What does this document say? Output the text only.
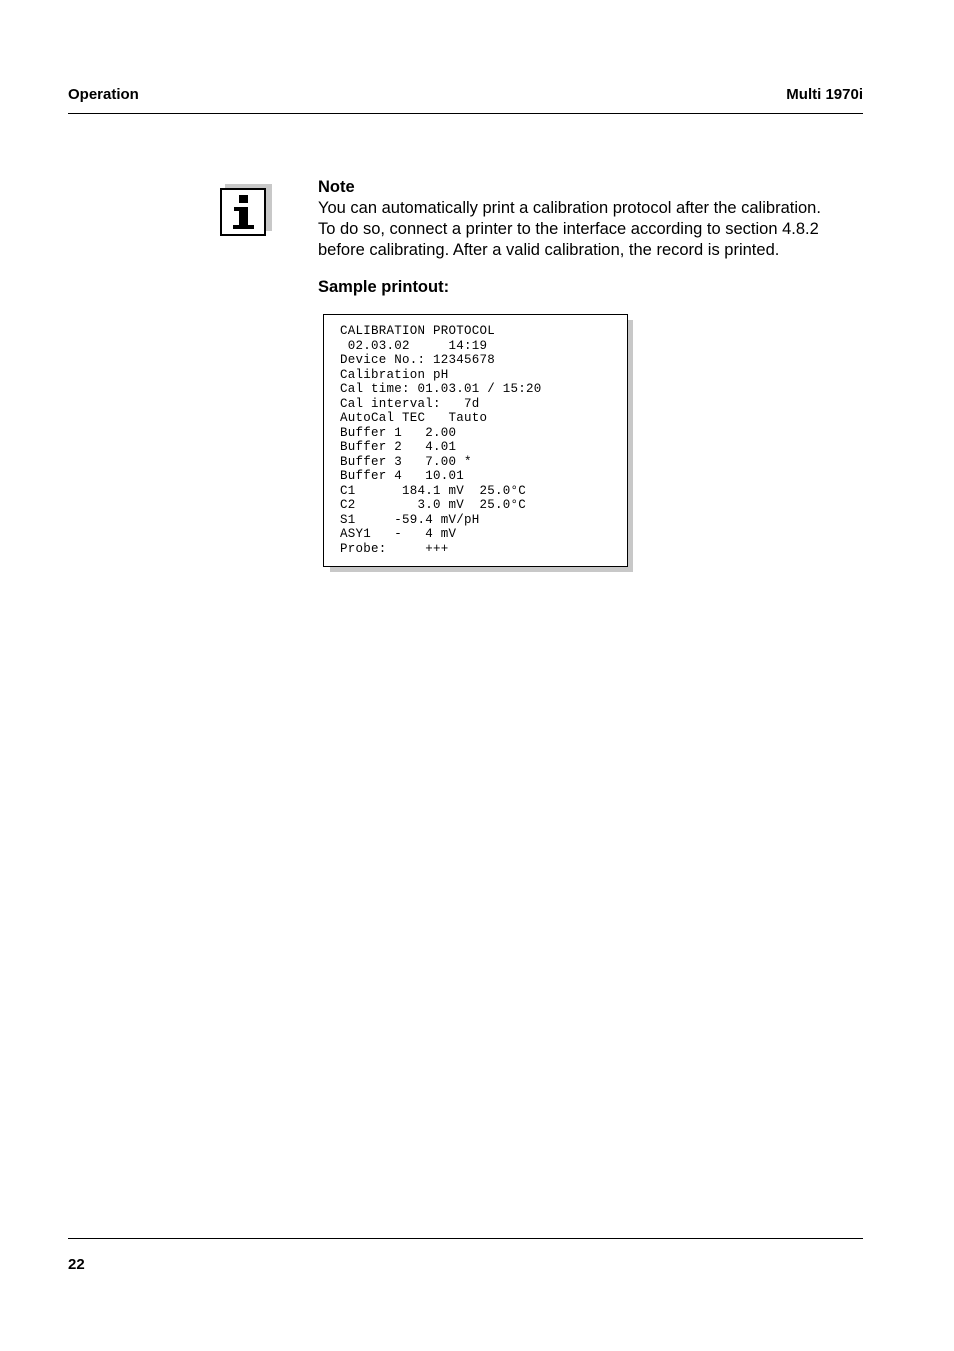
Operation	Multi 1970i
Note
You can automatically print a calibration protocol after the calibration.
To do so, connect a printer to the interface according to section 4.8.2
before calibrating. After a valid calibration, the record is printed.
Sample printout:
CALIBRATION PROTOCOL
02.03.02     14:19
Device No.: 12345678
Calibration pH
Cal time: 01.03.01 / 15:20
Cal interval:   7d
AutoCal TEC   Tauto
Buffer 1   2.00
Buffer 2   4.01
Buffer 3   7.00 *
Buffer 4   10.01
C1      184.1 mV  25.0°C
C2        3.0 mV  25.0°C
S1     -59.4 mV/pH
ASY1   -   4 mV
Probe:     +++
22
